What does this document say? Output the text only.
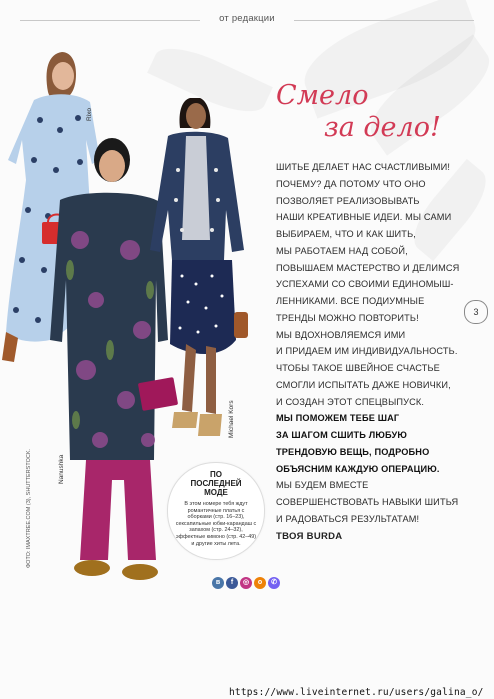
от редакции
Rixo
Nanushka
Michael Kors
ФОТО: IMAXTREE.COM (3), SHUTTERSTOCK.
Смело
за дело!

ШИТЬЕ ДЕЛАЕТ НАС СЧАСТЛИВЫМИ!

ПОЧЕМУ? ДА ПОТОМУ ЧТО ОНО

ПОЗВОЛЯЕТ РЕАЛИЗОВЫВАТЬ

НАШИ КРЕАТИВНЫЕ ИДЕИ. МЫ САМИ

ВЫБИРАЕМ, ЧТО И КАК ШИТЬ,

МЫ РАБОТАЕМ НАД СОБОЙ,

ПОВЫШАЕМ МАСТЕРСТВО И ДЕЛИМСЯ

УСПЕХАМИ СО СВОИМИ ЕДИНОМЫШ-

ЛЕННИКАМИ. ВСЕ ПОДИУМНЫЕ

ТРЕНДЫ МОЖНО ПОВТОРИТЬ!

МЫ ВДОХНОВЛЯЕМСЯ ИМИ

И ПРИДАЕМ ИМ ИНДИВИДУАЛЬНОСТЬ.

ЧТОБЫ ТАКОЕ ШВЕЙНОЕ СЧАСТЬЕ

СМОГЛИ ИСПЫТАТЬ ДАЖЕ НОВИЧКИ,

И СОЗДАН ЭТОТ СПЕЦВЫПУСК.

МЫ ПОМОЖЕМ ТЕБЕ ШАГ

ЗА ШАГОМ СШИТЬ ЛЮБУЮ

ТРЕНДОВУЮ ВЕЩЬ, ПОДРОБНО

ОБЪЯСНИМ КАЖДУЮ ОПЕРАЦИЮ.

МЫ БУДЕМ ВМЕСТЕ

СОВЕРШЕНСТВОВАТЬ НАВЫКИ ШИТЬЯ

И РАДОВАТЬСЯ РЕЗУЛЬТАТАМ!

ТВОЯ BURDA
3
ПО
ПОСЛЕДНЕЙ
МОДЕ
В этом номере тебя ждут романтичные платья с оборками (стр. 16–23), сексапильные юбки-карандаш с запахом (стр. 24–32), эффектные кимоно (стр. 42–49) и другие хиты лета.
в	f	◎	о	✆
https://www.liveinternet.ru/users/galina_o/
